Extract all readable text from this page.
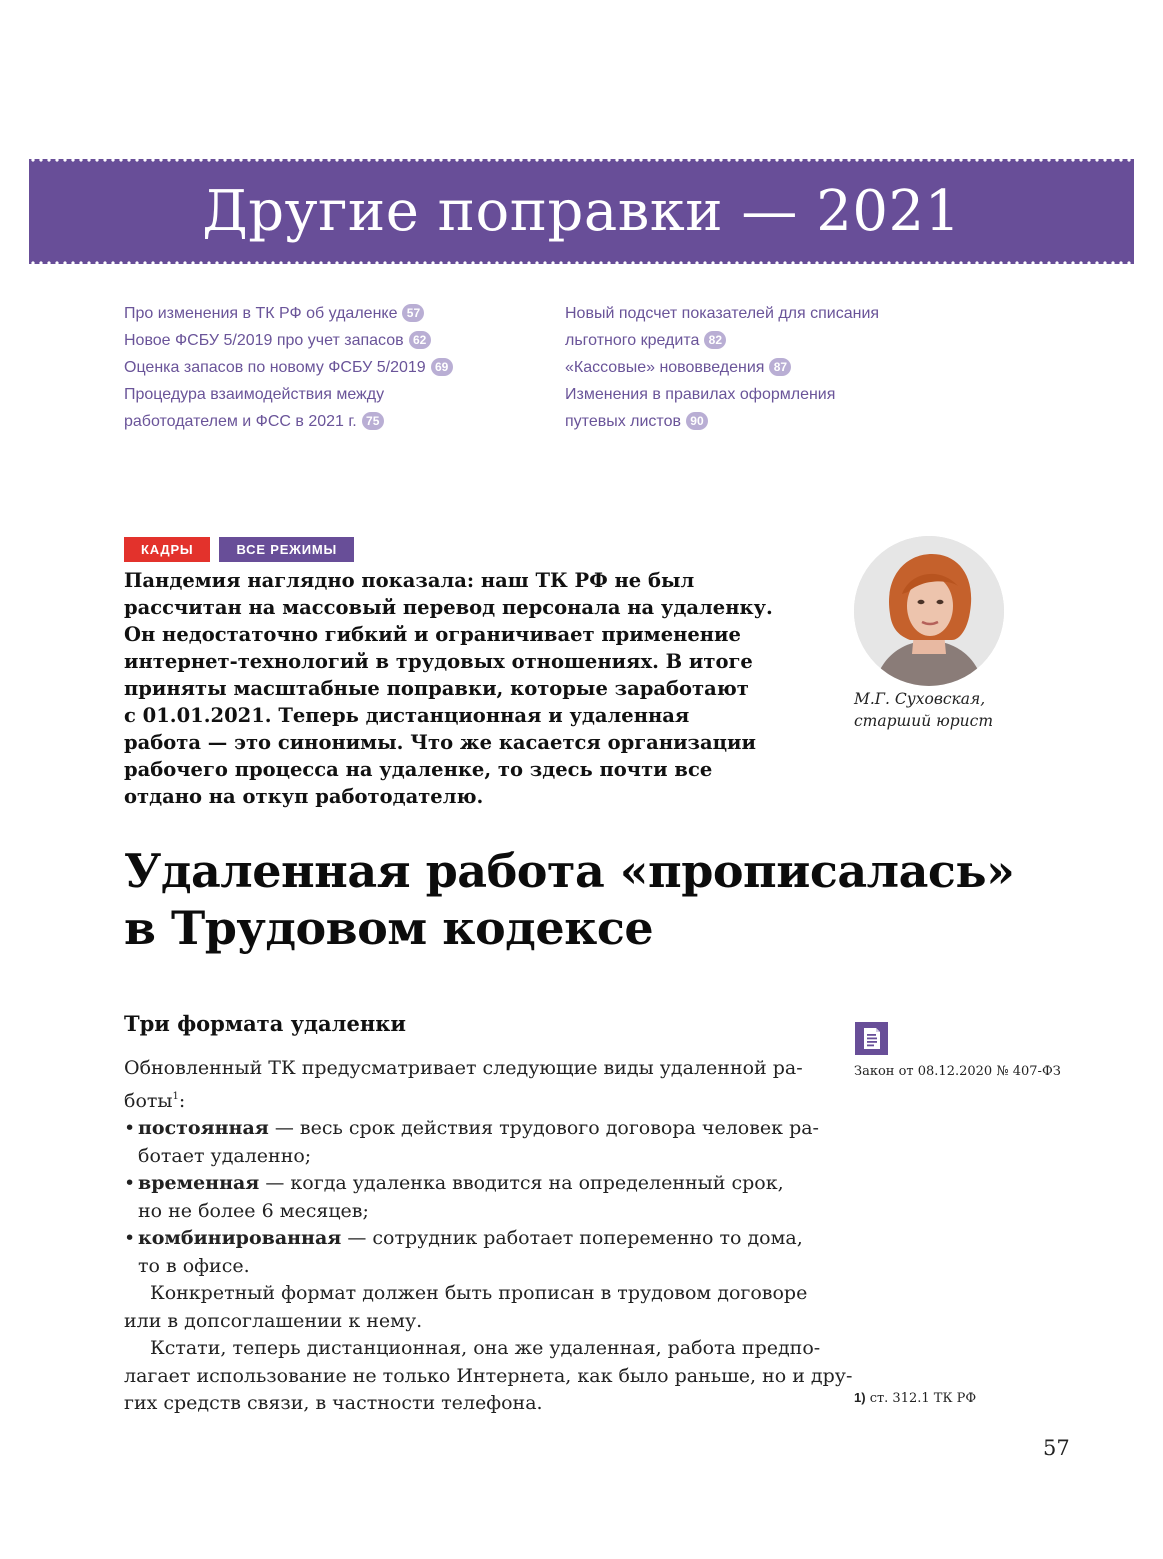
Другие поправки — 2021
Про изменения в ТК РФ об удаленке 57
Новое ФСБУ 5/2019 про учет запасов 62
Оценка запасов по новому ФСБУ 5/2019 69
Процедура взаимодействия между
работодателем и ФСС в 2021 г. 75
Новый подсчет показателей для списания
льготного кредита 82
«Кассовые» нововведения 87
Изменения в правилах оформления
путевых листов 90
КАДРЫ	ВСЕ РЕЖИМЫ

Пандемия наглядно показала: наш ТК РФ не был

рассчитан на массовый перевод персонала на удаленку.

Он недостаточно гибкий и ограничивает применение

интернет-технологий в трудовых отношениях. В итоге

приняты масштабные поправки, которые заработают

с 01.01.2021. Теперь дистанционная и удаленная

работа — это синонимы. Что же касается организации

рабочего процесса на удаленке, то здесь почти все

отдано на откуп работодателю.

М.Г. Суховская,
старший юрист
Удаленная работа «прописалась»
в Трудовом кодексе
Три формата удаленки
Обновленный ТК предусматривает следующие виды удаленной ра-
боты$^1$:
• постоянная — весь срок действия трудового договора человек ра-
ботает удаленно;
• временная — когда удаленка вводится на определенный срок,
но не более 6 месяцев;
• комбинированная — сотрудник работает попеременно то дома,
то в офисе.
Конкретный формат должен быть прописан в трудовом договоре
или в допсоглашении к нему.
Кстати, теперь дистанционная, она же удаленная, работа предпо-
лагает использование не только Интернета, как было раньше, но и дру-
гих средств связи, в частности телефона.
Закон от 08.12.2020 № 407-ФЗ
1) ст. 312.1 ТК РФ
57
